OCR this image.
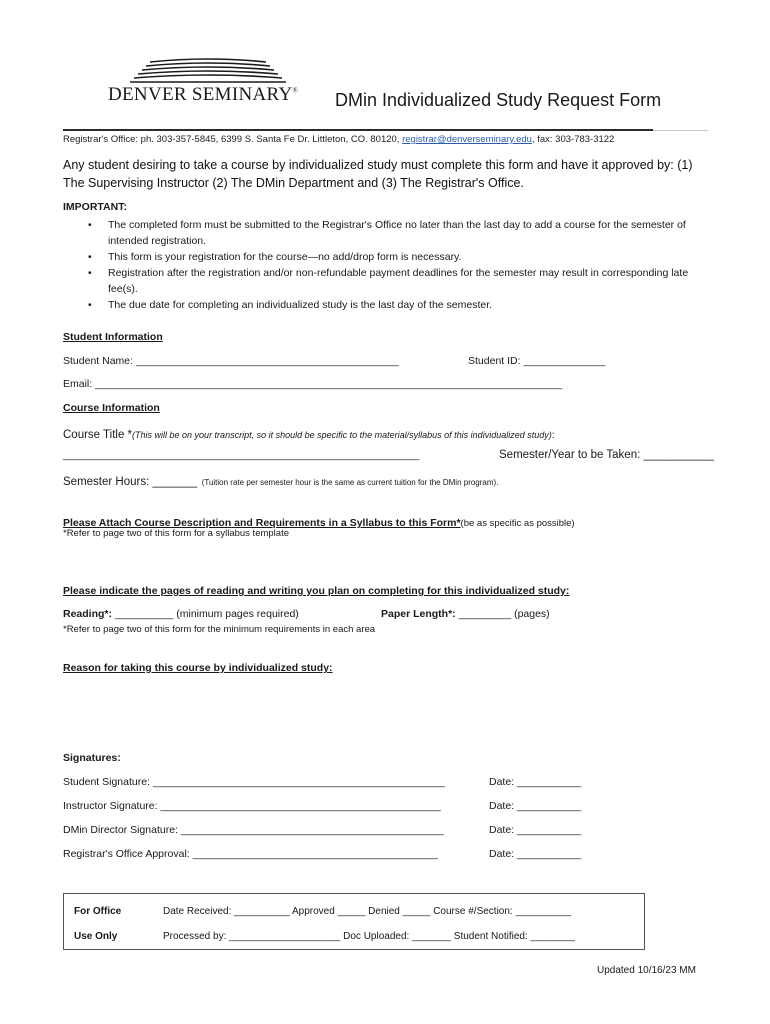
DENVER SEMINARY® DMin Individualized Study Request Form
Registrar's Office: ph. 303-357-5845, 6399 S. Santa Fe Dr. Littleton, CO. 80120, registrar@denverseminary.edu, fax: 303-783-3122
Any student desiring to take a course by individualized study must complete this form and have it approved by: (1) The Supervising Instructor (2) The DMin Department and (3) The Registrar's Office.
IMPORTANT:
• The completed form must be submitted to the Registrar's Office no later than the last day to add a course for the semester of intended registration.
• This form is your registration for the course—no add/drop form is necessary.
• Registration after the registration and/or non-refundable payment deadlines for the semester may result in corresponding late fee(s).
• The due date for completing an individualized study is the last day of the semester.
Student Information
Student Name: _____________________________________________	Student ID: ______________
Email: ________________________________________________________________________________
Course Information
Course Title *(This will be on your transcript, so it should be specific to the material/syllabus of this individualized study):
_____________________________________________________________	Semester/Year to be Taken: ___________
Semester Hours: _______ (Tuition rate per semester hour is the same as current tuition for the DMin program).
Please Attach Course Description and Requirements in a Syllabus to this Form*(be as specific as possible)
*Refer to page two of this form for a syllabus template
Please indicate the pages of reading and writing you plan on completing for this individualized study:
Reading*: __________ (minimum pages required)	Paper Length*: _________ (pages)
*Refer to page two of this form for the minimum requirements in each area
Reason for taking this course by individualized study:
Signatures:
Student Signature: __________________________________________________	Date: ___________
Instructor Signature: ________________________________________________	Date: ___________
DMin Director Signature: _____________________________________________	Date: ___________
Registrar's Office Approval: __________________________________________	Date: ___________
For Office
Use Only
Date Received: __________ Approved _____ Denied _____ Course #/Section: __________
Processed by: ____________________ Doc Uploaded: _______ Student Notified: ________
Updated 10/16/23 MM
